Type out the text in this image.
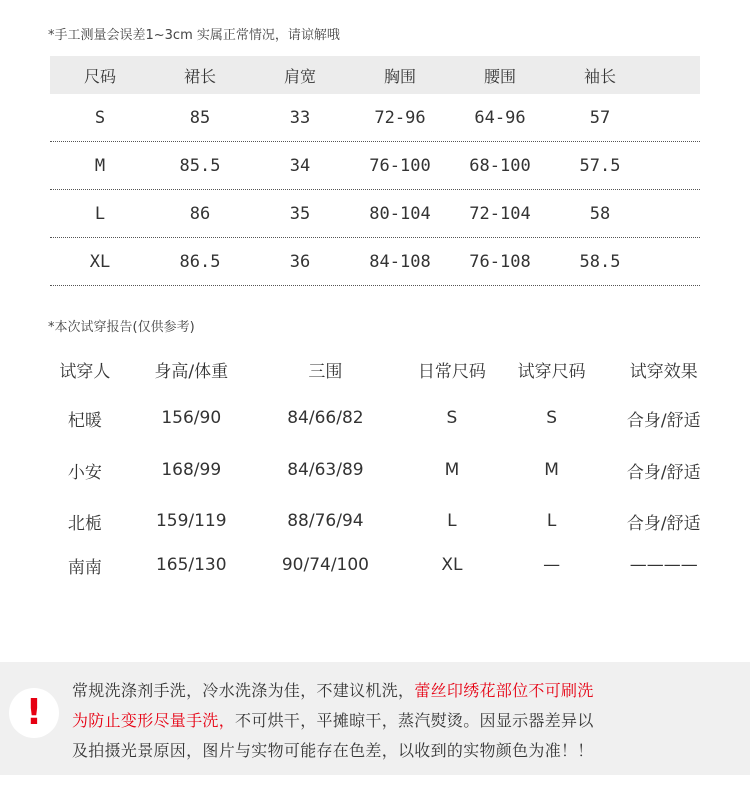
*手工测量会误差1~3cm 实属正常情况，请谅解哦
尺码	裙长	肩宽	胸围	腰围	袖长
S	85	33	72-96	64-96	57
M	85.5	34	76-100	68-100	57.5
L	86	35	80-104	72-104	58
XL	86.5	36	84-108	76-108	58.5
*本次试穿报告(仅供参考)
试穿人	身高/体重	三围	日常尺码	试穿尺码	试穿效果
杞暖	156/90	84/66/82	S	S	合身/舒适
小安	168/99	84/63/89	M	M	合身/舒适
北栀	159/119	88/76/94	L	L	合身/舒适
南南	165/130	90/74/100	XL	—	————
!
常规洗涤剂手洗，冷水洗涤为佳，不建议机洗，蕾丝印绣花部位不可刷洗
为防止变形尽量手洗，不可烘干，平摊晾干，蒸汽熨烫。因显示器差异以
及拍摄光景原因，图片与实物可能存在色差，以收到的实物颜色为准！！
